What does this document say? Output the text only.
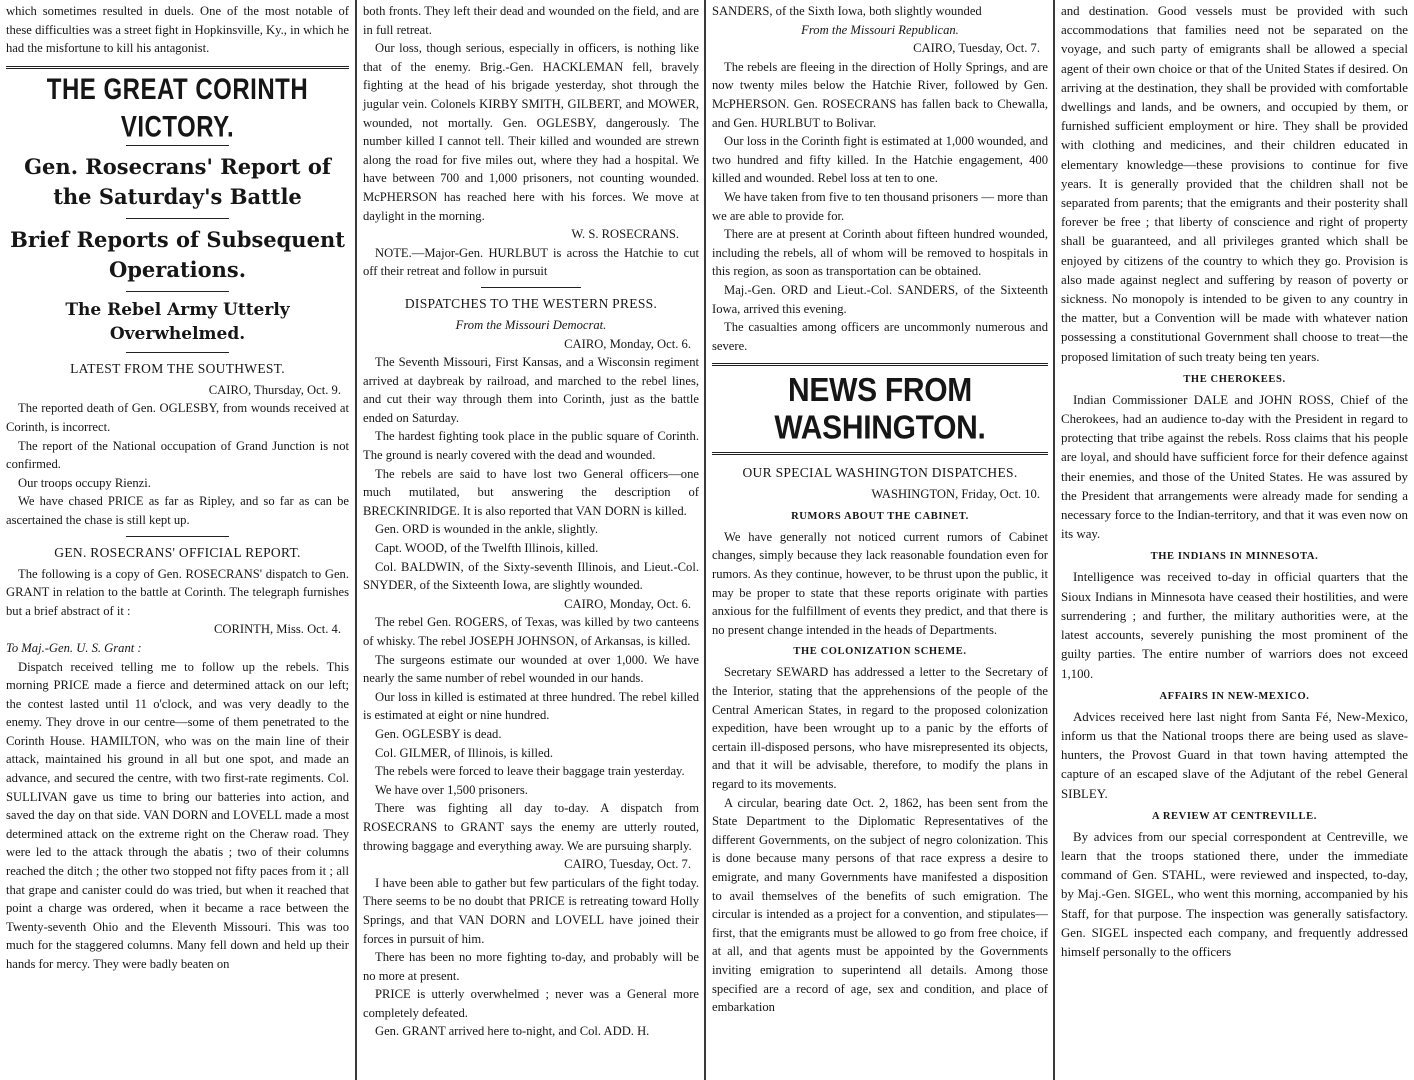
which sometimes resulted in duels. One of the most notable of these difficulties was a street fight in Hopkinsville, Ky., in which he had the misfortune to kill his antagonist.

THE GREAT CORINTH VICTORY.
Gen. Rosecrans' Report of the Saturday's Battle
Brief Reports of Subsequent Operations.
The Rebel Army Utterly Overwhelmed.
LATEST FROM THE SOUTHWEST.
CAIRO, Thursday, Oct. 9.

The reported death of Gen. OGLESBY, from wounds received at Corinth, is incorrect.

The report of the National occupation of Grand Junction is not confirmed.

Our troops occupy Rienzi.

We have chased PRICE as far as Ripley, and so far as can be ascertained the chase is still kept up.

GEN. ROSECRANS' OFFICIAL REPORT.

The following is a copy of Gen. ROSECRANS' dispatch to Gen. GRANT in relation to the battle at Corinth. The telegraph furnishes but a brief abstract of it :

CORINTH, Miss. Oct. 4.

To Maj.-Gen. U. S. Grant :

Dispatch received telling me to follow up the rebels. This morning PRICE made a fierce and determined attack on our left; the contest lasted until 11 o'clock, and was very deadly to the enemy. They drove in our centre—some of them penetrated to the Corinth House. HAMILTON, who was on the main line of their attack, maintained his ground in all but one spot, and made an advance, and secured the centre, with two first-rate regiments. Col. SULLIVAN gave us time to bring our batteries into action, and saved the day on that side. VAN DORN and LOVELL made a most determined attack on the extreme right on the Cheraw road. They were led to the attack through the abatis ; two of their columns reached the ditch ; the other two stopped not fifty paces from it ; all that grape and canister could do was tried, but when it reached that point a charge was ordered, when it became a race between the Twenty-seventh Ohio and the Eleventh Missouri. This was too much for the staggered columns. Many fell down and held up their hands for mercy. They were badly beaten on

both fronts. They left their dead and wounded on the field, and are in full retreat.

Our loss, though serious, especially in officers, is nothing like that of the enemy. Brig.-Gen. HACKLEMAN fell, bravely fighting at the head of his brigade yesterday, shot through the jugular vein. Colonels KIRBY SMITH, GILBERT, and MOWER, wounded, not mortally. Gen. OGLESBY, dangerously. The number killed I cannot tell. Their killed and wounded are strewn along the road for five miles out, where they had a hospital. We have between 700 and 1,000 prisoners, not counting wounded. McPHERSON has reached here with his forces. We move at daylight in the morning.

W. S. ROSECRANS.

NOTE.—Major-Gen. HURLBUT is across the Hatchie to cut off their retreat and follow in pursuit

DISPATCHES TO THE WESTERN PRESS.
From the Missouri Democrat.
CAIRO, Monday, Oct. 6.

The Seventh Missouri, First Kansas, and a Wisconsin regiment arrived at daybreak by railroad, and marched to the rebel lines, and cut their way through them into Corinth, just as the battle ended on Saturday.

The hardest fighting took place in the public square of Corinth. The ground is nearly covered with the dead and wounded.

The rebels are said to have lost two General officers—one much mutilated, but answering the description of BRECKINRIDGE. It is also reported that VAN DORN is killed.

Gen. ORD is wounded in the ankle, slightly.

Capt. WOOD, of the Twelfth Illinois, killed.

Col. BALDWIN, of the Sixty-seventh Illinois, and Lieut.-Col. SNYDER, of the Sixteenth Iowa, are slightly wounded.

CAIRO, Monday, Oct. 6.

The rebel Gen. ROGERS, of Texas, was killed by two canteens of whisky. The rebel JOSEPH JOHNSON, of Arkansas, is killed.

The surgeons estimate our wounded at over 1,000. We have nearly the same number of rebel wounded in our hands.

Our loss in killed is estimated at three hundred. The rebel killed is estimated at eight or nine hundred.

Gen. OGLESBY is dead.

Col. GILMER, of Illinois, is killed.

The rebels were forced to leave their baggage train yesterday.

We have over 1,500 prisoners.

There was fighting all day to-day. A dispatch from ROSECRANS to GRANT says the enemy are utterly routed, throwing baggage and everything away. We are pursuing sharply.

CAIRO, Tuesday, Oct. 7.

I have been able to gather but few particulars of the fight today. There seems to be no doubt that PRICE is retreating toward Holly Springs, and that VAN DORN and LOVELL have joined their forces in pursuit of him.

There has been no more fighting to-day, and probably will be no more at present.

PRICE is utterly overwhelmed ; never was a General more completely defeated.

Gen. GRANT arrived here to-night, and Col. ADD. H.

SANDERS, of the Sixth Iowa, both slightly wounded

From the Missouri Republican.
CAIRO, Tuesday, Oct. 7.

The rebels are fleeing in the direction of Holly Springs, and are now twenty miles below the Hatchie River, followed by Gen. McPHERSON. Gen. ROSECRANS has fallen back to Chewalla, and Gen. HURLBUT to Bolivar.

Our loss in the Corinth fight is estimated at 1,000 wounded, and two hundred and fifty killed. In the Hatchie engagement, 400 killed and wounded. Rebel loss at ten to one.

We have taken from five to ten thousand prisoners — more than we are able to provide for.

There are at present at Corinth about fifteen hundred wounded, including the rebels, all of whom will be removed to hospitals in this region, as soon as transportation can be obtained.

Maj.-Gen. ORD and Lieut.-Col. SANDERS, of the Sixteenth Iowa, arrived this evening.

The casualties among officers are uncommonly numerous and severe.

NEWS FROM WASHINGTON.
OUR SPECIAL WASHINGTON DISPATCHES.
WASHINGTON, Friday, Oct. 10.
RUMORS ABOUT THE CABINET.

We have generally not noticed current rumors of Cabinet changes, simply because they lack reasonable foundation even for rumors. As they continue, however, to be thrust upon the public, it may be proper to state that these reports originate with parties anxious for the fulfillment of events they predict, and that there is no present change intended in the heads of Departments.

THE COLONIZATION SCHEME.

Secretary SEWARD has addressed a letter to the Secretary of the Interior, stating that the apprehensions of the people of the Central American States, in regard to the proposed colonization expedition, have been wrought up to a panic by the efforts of certain ill-disposed persons, who have misrepresented its objects, and that it will be advisable, therefore, to modify the plans in regard to its movements.

A circular, bearing date Oct. 2, 1862, has been sent from the State Department to the Diplomatic Representatives of the different Governments, on the subject of negro colonization. This is done because many persons of that race express a desire to emigrate, and many Governments have manifested a disposition to avail themselves of the benefits of such emigration. The circular is intended as a project for a convention, and stipulates—first, that the emigrants must be allowed to go from free choice, if at all, and that agents must be appointed by the Governments inviting emigration to superintend all details. Among those specified are a record of age, sex and condition, and place of embarkation

and destination. Good vessels must be provided with such accommodations that families need not be separated on the voyage, and such party of emigrants shall be allowed a special agent of their own choice or that of the United States if desired. On arriving at the destination, they shall be provided with comfortable dwellings and lands, and be owners, and occupied by them, or furnished sufficient employment or hire. They shall be provided with clothing and medicines, and their children educated in elementary knowledge—these provisions to continue for five years. It is generally provided that the children shall not be separated from parents; that the emigrants and their posterity shall forever be free ; that liberty of conscience and right of property shall be guaranteed, and all privileges granted which shall be enjoyed by citizens of the country to which they go. Provision is also made against neglect and suffering by reason of poverty or sickness. No monopoly is intended to be given to any country in the matter, but a Convention will be made with whatever nation possessing a constitutional Government shall choose to treat—the proposed limitation of such treaty being ten years.

THE CHEROKEES.

Indian Commissioner DALE and JOHN ROSS, Chief of the Cherokees, had an audience to-day with the President in regard to protecting that tribe against the rebels. Ross claims that his people are loyal, and should have sufficient force for their defence against their enemies, and those of the United States. He was assured by the President that arrangements were already made for sending a necessary force to the Indian-territory, and that it was even now on its way.

THE INDIANS IN MINNESOTA.

Intelligence was received to-day in official quarters that the Sioux Indians in Minnesota have ceased their hostilities, and were surrendering ; and further, the military authorities were, at the latest accounts, severely punishing the most prominent of the guilty parties. The entire number of warriors does not exceed 1,100.

AFFAIRS IN NEW-MEXICO.

Advices received here last night from Santa Fé, New-Mexico, inform us that the National troops there are being used as slave-hunters, the Provost Guard in that town having attempted the capture of an escaped slave of the Adjutant of the rebel General SIBLEY.

A REVIEW AT CENTREVILLE.

By advices from our special correspondent at Centreville, we learn that the troops stationed there, under the immediate command of Gen. STAHL, were reviewed and inspected, to-day, by Maj.-Gen. SIGEL, who went this morning, accompanied by his Staff, for that purpose. The inspection was generally satisfactory. Gen. SIGEL inspected each company, and frequently addressed himself personally to the officers
